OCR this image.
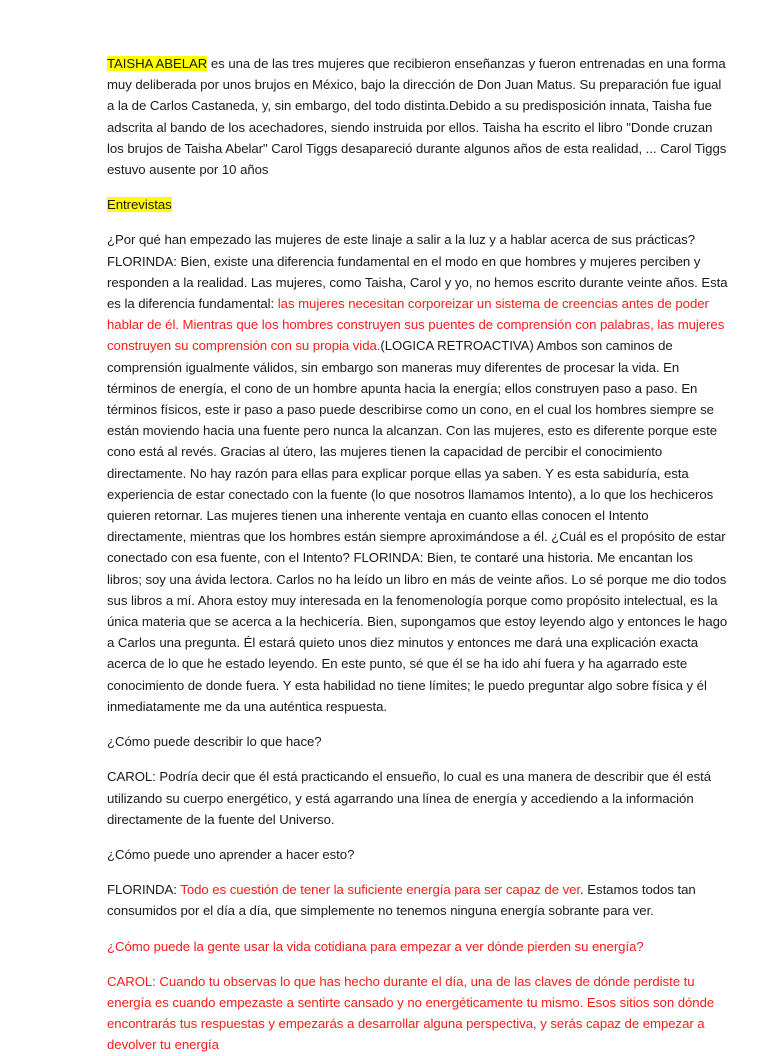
TAISHA ABELAR es una de las tres mujeres que recibieron enseñanzas y fueron entrenadas en una forma muy deliberada por unos brujos en México, bajo la dirección de Don Juan Matus. Su preparación fue igual a la de Carlos Castaneda, y, sin embargo, del todo distinta.Debido a su predisposición innata, Taisha fue adscrita al bando de los acechadores, siendo instruida por ellos. Taisha ha escrito el libro "Donde cruzan los brujos de Taisha Abelar" Carol Tiggs desapareció durante algunos años de esta realidad, ... Carol Tiggs estuvo ausente por 10 años

Entrevistas

¿Por qué han empezado las mujeres de este linaje a salir a la luz y a hablar acerca de sus prácticas? FLORINDA: Bien, existe una diferencia fundamental en el modo en que hombres y mujeres perciben y responden a la realidad. Las mujeres, como Taisha, Carol y yo, no hemos escrito durante veinte años. Esta es la diferencia fundamental: las mujeres necesitan corporeizar un sistema de creencias antes de poder hablar de él. Mientras que los hombres construyen sus puentes de comprensión con palabras, las mujeres construyen su comprensión con su propia vida.(LOGICA RETROACTIVA) Ambos son caminos de comprensión igualmente válidos, sin embargo son maneras muy diferentes de procesar la vida. En términos de energía, el cono de un hombre apunta hacia la energía; ellos construyen paso a paso. En términos físicos, este ir paso a paso puede describirse como un cono, en el cual los hombres siempre se están moviendo hacia una fuente pero nunca la alcanzan. Con las mujeres, esto es diferente porque este cono está al revés. Gracias al útero, las mujeres tienen la capacidad de percibir el conocimiento directamente. No hay razón para ellas para explicar porque ellas ya saben. Y es esta sabiduría, esta experiencia de estar conectado con la fuente (lo que nosotros llamamos Intento), a lo que los hechiceros quieren retornar. Las mujeres tienen una inherente ventaja en cuanto ellas conocen el Intento directamente, mientras que los hombres están siempre aproximándose a él. ¿Cuál es el propósito de estar conectado con esa fuente, con el Intento? FLORINDA: Bien, te contaré una historia. Me encantan los libros; soy una ávida lectora. Carlos no ha leído un libro en más de veinte años. Lo sé porque me dio todos sus libros a mí. Ahora estoy muy interesada en la fenomenología porque como propósito intelectual, es la única materia que se acerca a la hechicería. Bien, supongamos que estoy leyendo algo y entonces le hago a Carlos una pregunta. Él estará quieto unos diez minutos y entonces me dará una explicación exacta acerca de lo que he estado leyendo. En este punto, sé que él se ha ido ahí fuera y ha agarrado este conocimiento de donde fuera. Y esta habilidad no tiene límites; le puedo preguntar algo sobre física y él inmediatamente me da una auténtica respuesta.

¿Cómo puede describir lo que hace?

CAROL: Podría decir que él está practicando el ensueño, lo cual es una manera de describir que él está utilizando su cuerpo energético, y está agarrando una línea de energía y accediendo a la información directamente de la fuente del Universo.

¿Cómo puede uno aprender a hacer esto?

FLORINDA: Todo es cuestión de tener la suficiente energía para ser capaz de ver. Estamos todos tan consumidos por el día a día, que simplemente no tenemos ninguna energía sobrante para ver.

¿Cómo puede la gente usar la vida cotidiana para empezar a ver dónde pierden su energía?

CAROL: Cuando tu observas lo que has hecho durante el día, una de las claves de dónde perdiste tu energía es cuando empezaste a sentirte cansado y no energéticamente tu mismo. Esos sitios son dónde encontrarás tus respuestas y empezarás a desarrollar alguna perspectiva, y serás capaz de empezar a devolver tu energía
